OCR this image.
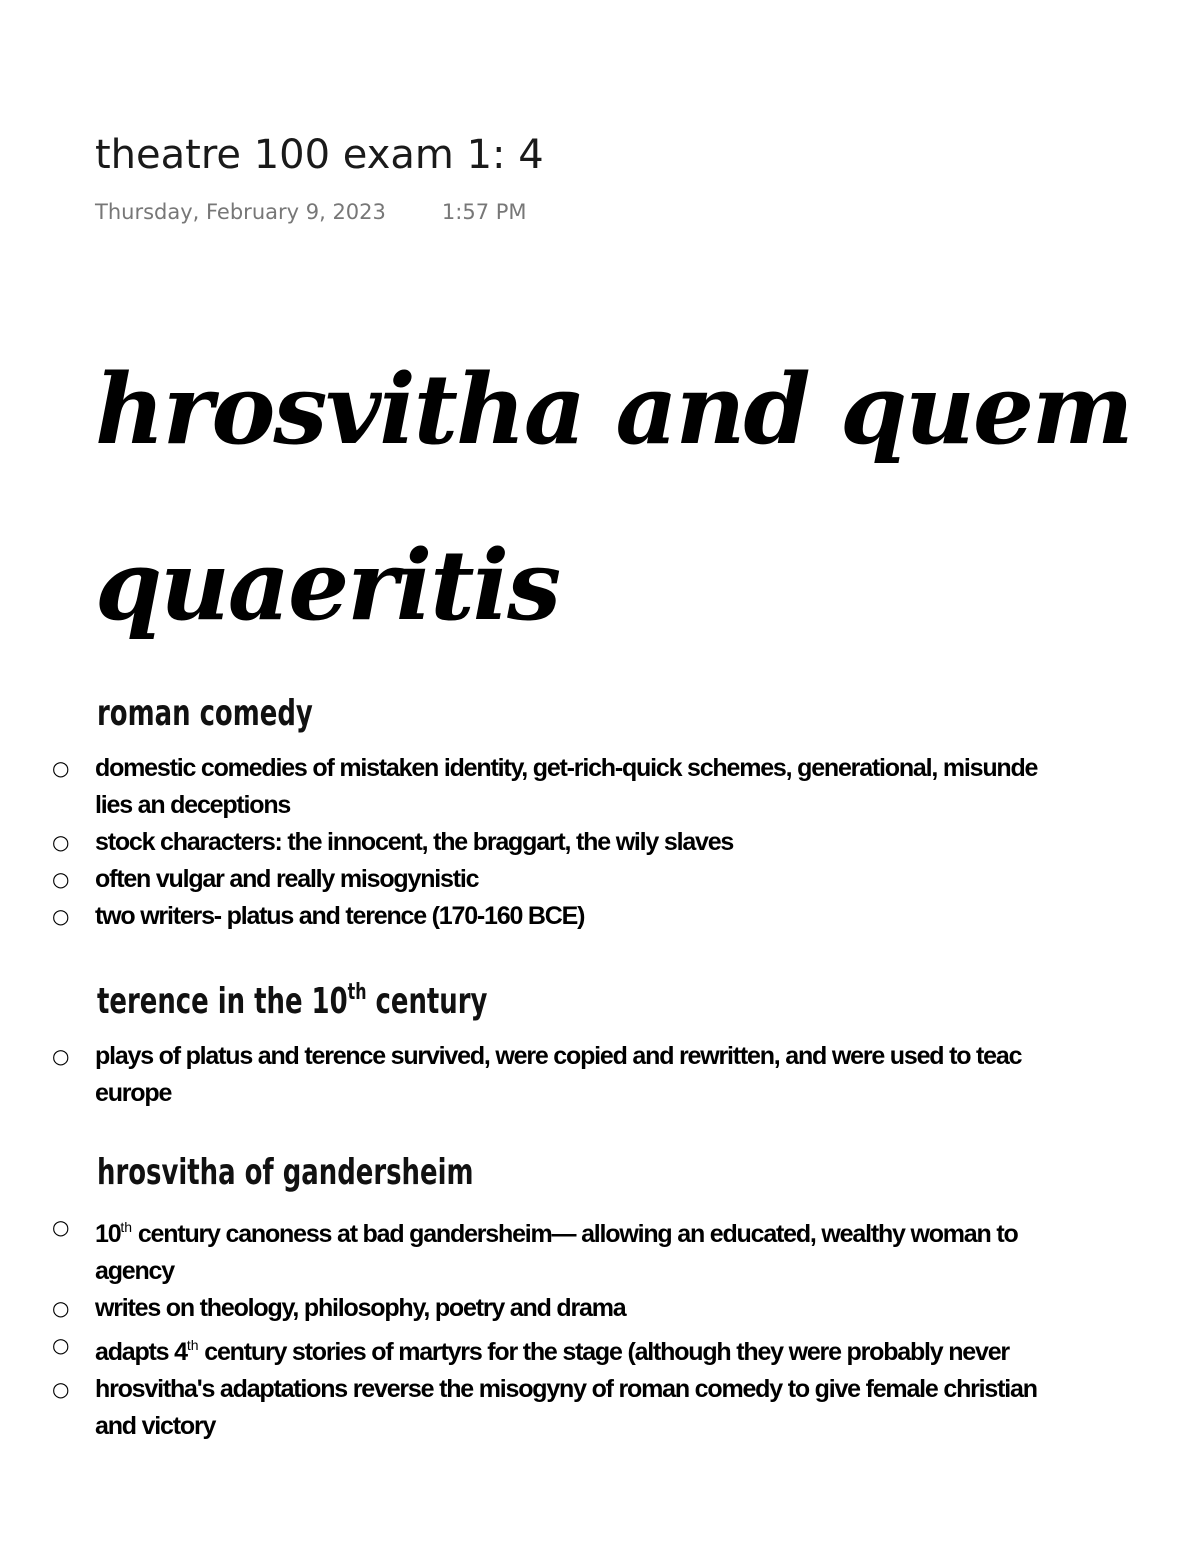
theatre 100 exam 1: 4
Thursday, February 9, 2023	1:57 PM
hrosvitha and quem
quaeritis
roman comedy
○ domestic comedies of mistaken identity, get-rich-quick schemes, generational, misunde
lies an deceptions
○ stock characters: the innocent, the braggart, the wily slaves
○ often vulgar and really misogynistic
○ two writers- platus and terence (170-160 BCE)
terence in the 10th century
○ plays of platus and terence survived, were copied and rewritten, and were used to teac
europe
hrosvitha of gandersheim
○ 10th century canoness at bad gandersheim— allowing an educated, wealthy woman to
agency
○ writes on theology, philosophy, poetry and drama
○ adapts 4th century stories of martyrs for the stage (although they were probably never
○ hrosvitha's adaptations reverse the misogyny of roman comedy to give female christian
and victory
